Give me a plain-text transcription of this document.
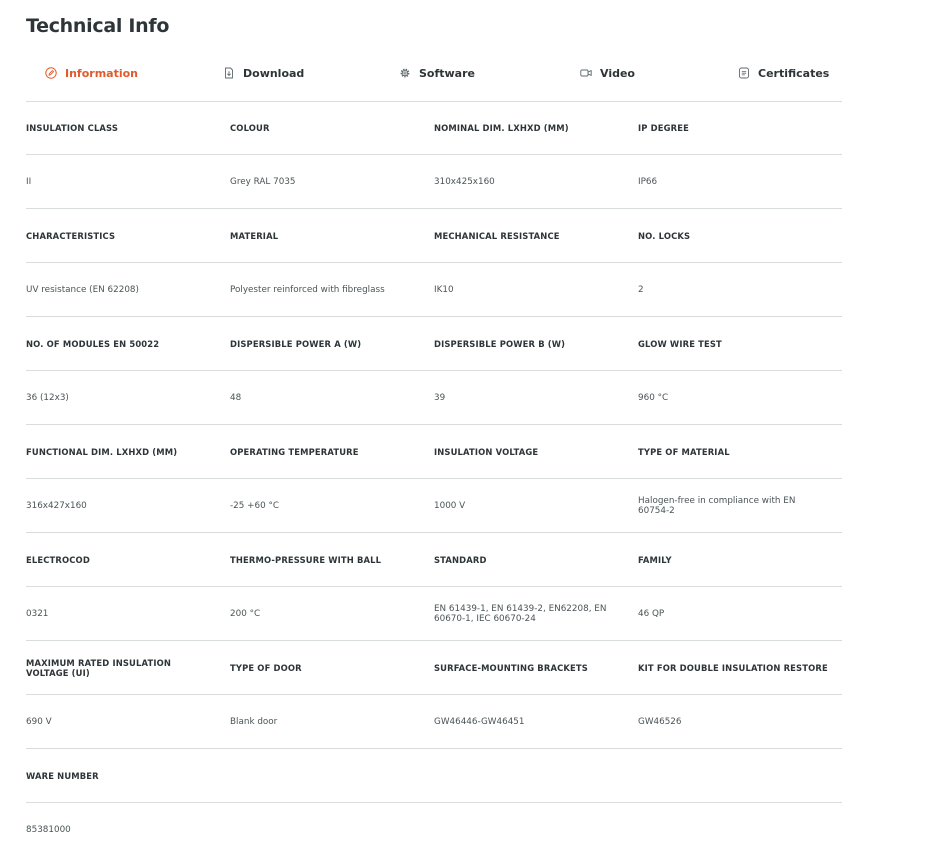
Technical Info
Information	Download	Software	Video	Certificates
INSULATION CLASS	COLOUR	NOMINAL DIM. LXHXD (MM)	IP DEGREE
II	Grey RAL 7035	310x425x160	IP66
CHARACTERISTICS	MATERIAL	MECHANICAL RESISTANCE	NO. LOCKS
UV resistance (EN 62208)	Polyester reinforced with fibreglass	IK10	2
NO. OF MODULES EN 50022	DISPERSIBLE POWER A (W)	DISPERSIBLE POWER B (W)	GLOW WIRE TEST
36 (12x3)	48	39	960 °C
FUNCTIONAL DIM. LXHXD (MM)	OPERATING TEMPERATURE	INSULATION VOLTAGE	TYPE OF MATERIAL
316x427x160	-25 +60 °C	1000 V	Halogen-free in compliance with EN 60754-2
ELECTROCOD	THERMO-PRESSURE WITH BALL	STANDARD	FAMILY
0321	200 °C	EN 61439-1, EN 61439-2, EN62208, EN 60670-1, IEC 60670-24	46 QP
MAXIMUM RATED INSULATION VOLTAGE (UI)	TYPE OF DOOR	SURFACE-MOUNTING BRACKETS	KIT FOR DOUBLE INSULATION RESTORE
690 V	Blank door	GW46446-GW46451	GW46526
WARE NUMBER
85381000
